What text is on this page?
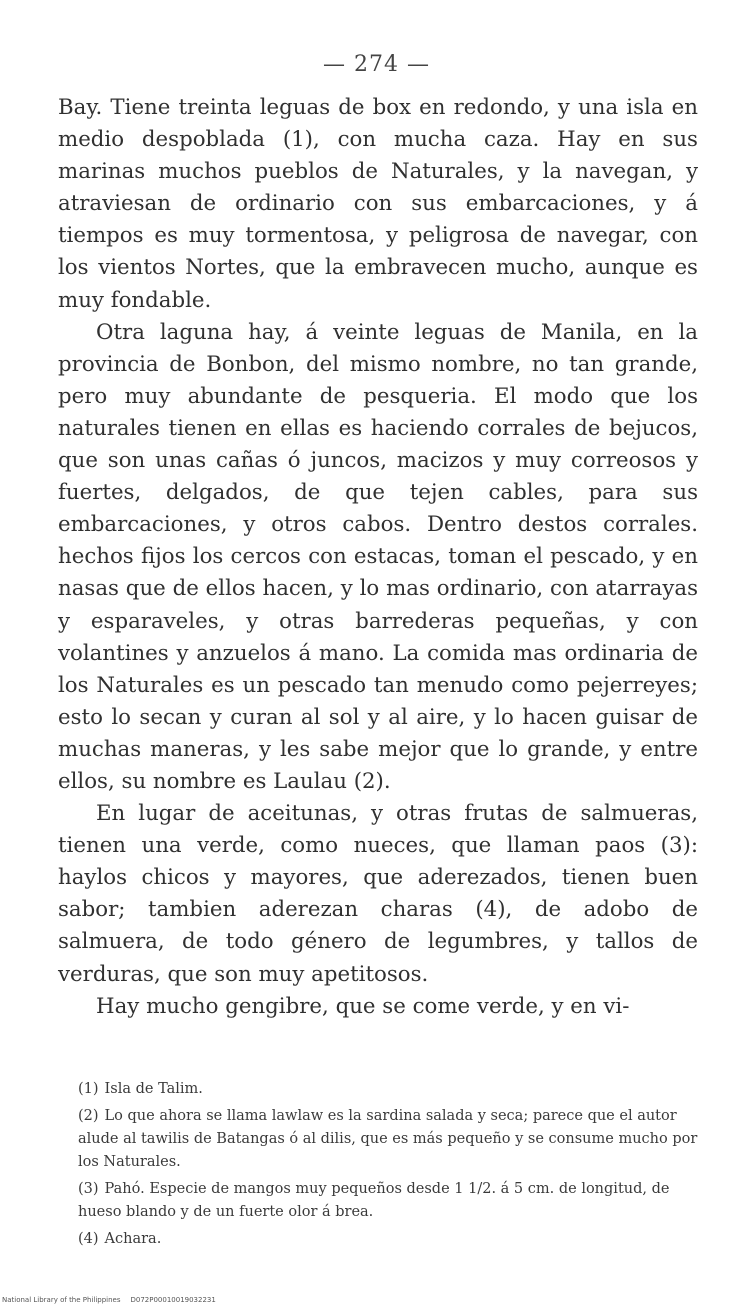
— 274 —

Bay. Tiene treinta leguas de box en redondo, y una isla en medio despoblada (1), con mucha caza. Hay en sus marinas muchos pueblos de Naturales, y la navegan, y atraviesan de ordinario con sus embarcaciones, y á tiempos es muy tormentosa, y peligrosa de navegar, con los vientos Nortes, que la embravecen mucho, aunque es muy fondable.

Otra laguna hay, á veinte leguas de Manila, en la provincia de Bonbon, del mismo nombre, no tan grande, pero muy abundante de pesqueria. El modo que los naturales tienen en ellas es haciendo corrales de bejucos, que son unas cañas ó juncos, macizos y muy correosos y fuertes, delgados, de que tejen cables, para sus embarcaciones, y otros cabos. Dentro destos corrales. hechos fijos los cercos con estacas, toman el pescado, y en nasas que de ellos hacen, y lo mas ordinario, con atarrayas y esparaveles, y otras barrederas pequeñas, y con volantines y anzuelos á mano. La comida mas ordinaria de los Naturales es un pescado tan menudo como pejerreyes; esto lo secan y curan al sol y al aire, y lo hacen guisar de muchas maneras, y les sabe mejor que lo grande, y entre ellos, su nombre es Laulau (2).

En lugar de aceitunas, y otras frutas de salmueras, tienen una verde, como nueces, que llaman paos (3): haylos chicos y mayores, que aderezados, tienen buen sabor; tambien aderezan charas (4), de adobo de salmuera, de todo género de legumbres, y tallos de verduras, que son muy apetitosos.

Hay mucho gengibre, que se come verde, y en vi-

(1) Isla de Talim.

(2) Lo que ahora se llama lawlaw es la sardina salada y seca; parece que el autor alude al tawilis de Batangas ó al dilis, que es más pequeño y se consume mucho por los Naturales.

(3) Pahó. Especie de mangos muy pequeños desde 1 1/2. á 5 cm. de longitud, de hueso blando y de un fuerte olor á brea.

(4) Achara.

National Library of the Philippines D072P00010019032231
